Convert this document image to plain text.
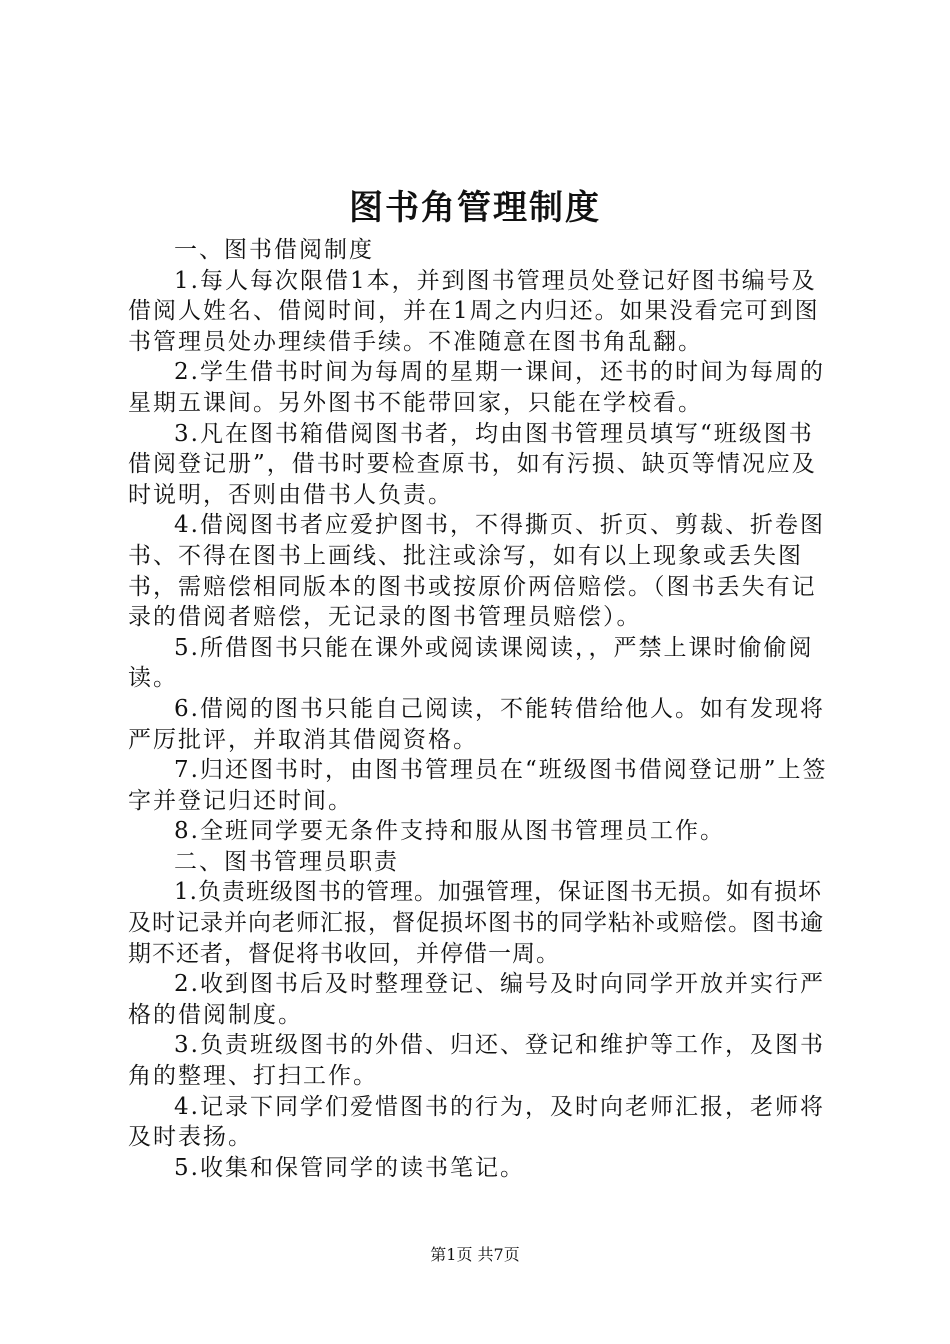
图书角管理制度

一、图书借阅制度

1.每人每次限借1本，并到图书管理员处登记好图书编号及借阅人姓名、借阅时间，并在1周之内归还。如果没看完可到图书管理员处办理续借手续。不准随意在图书角乱翻。

2.学生借书时间为每周的星期一课间，还书的时间为每周的星期五课间。另外图书不能带回家，只能在学校看。

3.凡在图书箱借阅图书者，均由图书管理员填写“班级图书借阅登记册”，借书时要检查原书，如有污损、缺页等情况应及时说明，否则由借书人负责。

4.借阅图书者应爱护图书，不得撕页、折页、剪裁、折卷图书、不得在图书上画线、批注或涂写，如有以上现象或丢失图书，需赔偿相同版本的图书或按原价两倍赔偿。（图书丢失有记录的借阅者赔偿，无记录的图书管理员赔偿）。

5.所借图书只能在课外或阅读课阅读，，严禁上课时偷偷阅读。

6.借阅的图书只能自己阅读，不能转借给他人。如有发现将严厉批评，并取消其借阅资格。

7.归还图书时，由图书管理员在“班级图书借阅登记册”上签字并登记归还时间。

8.全班同学要无条件支持和服从图书管理员工作。

二、图书管理员职责

1.负责班级图书的管理。加强管理，保证图书无损。如有损坏及时记录并向老师汇报，督促损坏图书的同学粘补或赔偿。图书逾期不还者，督促将书收回，并停借一周。

2.收到图书后及时整理登记、编号及时向同学开放并实行严格的借阅制度。

3.负责班级图书的外借、归还、登记和维护等工作，及图书角的整理、打扫工作。

4.记录下同学们爱惜图书的行为，及时向老师汇报，老师将及时表扬。

5.收集和保管同学的读书笔记。

第1页 共7页
